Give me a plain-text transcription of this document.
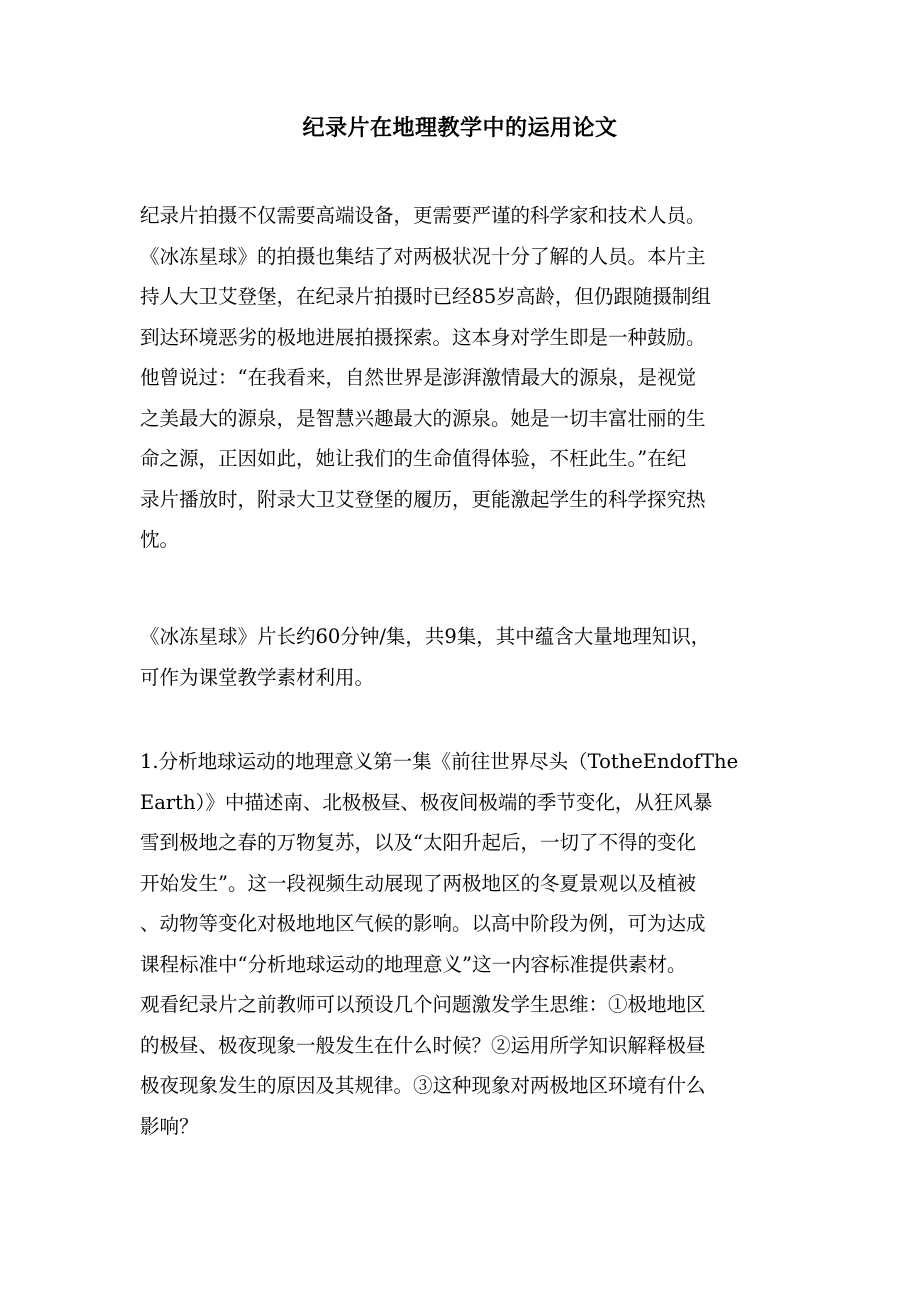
纪录片在地理教学中的运用论文
纪录片拍摄不仅需要高端设备，更需要严谨的科学家和技术人员。
《冰冻星球》的拍摄也集结了对两极状况十分了解的人员。本片主
持人大卫艾登堡，在纪录片拍摄时已经85岁高龄，但仍跟随摄制组
到达环境恶劣的极地进展拍摄探索。这本身对学生即是一种鼓励。
他曾说过：“在我看来，自然世界是澎湃激情最大的源泉，是视觉
之美最大的源泉，是智慧兴趣最大的源泉。她是一切丰富壮丽的生
命之源，正因如此，她让我们的生命值得体验，不枉此生。”在纪
录片播放时，附录大卫艾登堡的履历，更能激起学生的科学探究热
忱。
《冰冻星球》片长约60分钟/集，共9集，其中蕴含大量地理知识，
可作为课堂教学素材利用。
1.分析地球运动的地理意义第一集《前往世界尽头（TotheEndofThe
Earth）》中描述南、北极极昼、极夜间极端的季节变化，从狂风暴
雪到极地之春的万物复苏，以及“太阳升起后，一切了不得的变化
开始发生”。这一段视频生动展现了两极地区的冬夏景观以及植被
、动物等变化对极地地区气候的影响。以高中阶段为例，可为达成
课程标准中“分析地球运动的地理意义”这一内容标准提供素材。
观看纪录片之前教师可以预设几个问题激发学生思维：①极地地区
的极昼、极夜现象一般发生在什么时候？②运用所学知识解释极昼
极夜现象发生的原因及其规律。③这种现象对两极地区环境有什么
影响？
